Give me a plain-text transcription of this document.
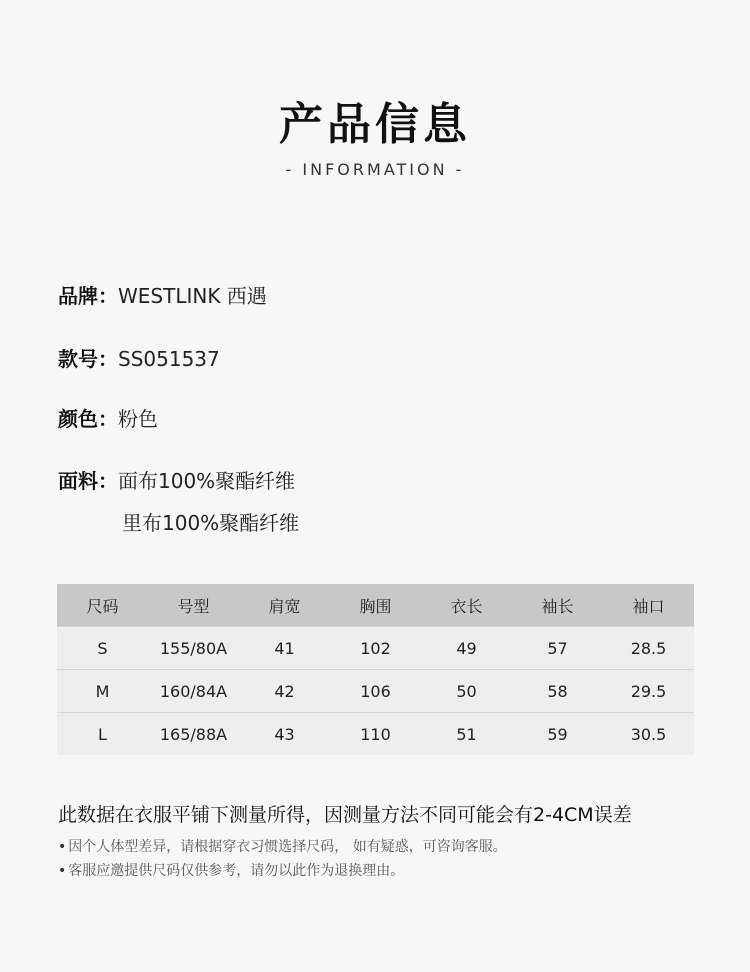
产品信息
- INFORMATION -
品牌：WESTLINK 西遇
款号：SS051537
颜色：粉色
面料：面布100%聚酯纤维
里布100%聚酯纤维
尺码	号型	肩宽	胸围	衣长	袖长	袖口
S	155/80A	41	102	49	57	28.5
M	160/84A	42	106	50	58	29.5
L	165/88A	43	110	51	59	30.5
此数据在衣服平铺下测量所得，因测量方法不同可能会有2-4CM误差
• 因个人体型差异，请根据穿衣习惯选择尺码， 如有疑惑，可咨询客服。
• 客服应邀提供尺码仅供参考，请勿以此作为退换理由。
